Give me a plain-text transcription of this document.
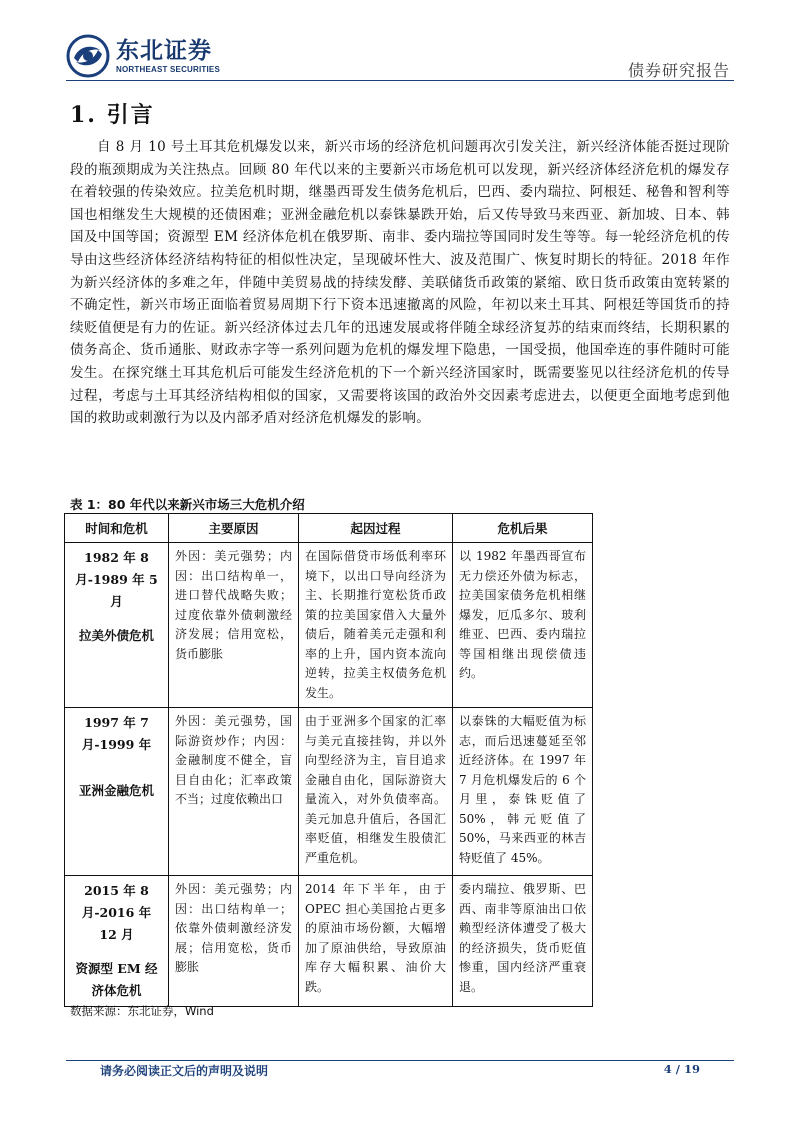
东北证券
NORTHEAST SECURITIES	债券研究报告
1. 引言

自 8 月 10 号土耳其危机爆发以来，新兴市场的经济危机问题再次引发关注，新兴经济体能否挺过现阶段的瓶颈期成为关注热点。回顾 80 年代以来的主要新兴市场危机可以发现，新兴经济体经济危机的爆发存在着较强的传染效应。拉美危机时期，继墨西哥发生债务危机后，巴西、委内瑞拉、阿根廷、秘鲁和智利等国也相继发生大规模的还债困难；亚洲金融危机以泰铢暴跌开始，后又传导致马来西亚、新加坡、日本、韩国及中国等国；资源型 EM 经济体危机在俄罗斯、南非、委内瑞拉等国同时发生等等。每一轮经济危机的传导由这些经济体经济结构特征的相似性决定，呈现破坏性大、波及范围广、恢复时期长的特征。2018 年作为新兴经济体的多难之年，伴随中美贸易战的持续发酵、美联储货币政策的紧缩、欧日货币政策由宽转紧的不确定性，新兴市场正面临着贸易周期下行下资本迅速撤离的风险，年初以来土耳其、阿根廷等国货币的持续贬值便是有力的佐证。新兴经济体过去几年的迅速发展或将伴随全球经济复苏的结束而终结，长期积累的债务高企、货币通胀、财政赤字等一系列问题为危机的爆发埋下隐患，一国受损，他国牵连的事件随时可能发生。在探究继土耳其危机后可能发生经济危机的下一个新兴经济国家时，既需要鉴见以往经济危机的传导过程，考虑与土耳其经济结构相似的国家，又需要将该国的政治外交因素考虑进去，以便更全面地考虑到他国的救助或刺激行为以及内部矛盾对经济危机爆发的影响。

表 1：80 年代以来新兴市场三大危机介绍
时间和危机	主要原因	起因过程	危机后果

1982 年 8 月-1989 年 5 月
拉美外债危机	外因：美元强势；内因：出口结构单一，进口替代战略失败；过度依靠外债刺激经济发展；信用宽松，货币膨胀	在国际借贷市场低利率环境下，以出口导向经济为主、长期推行宽松货币政策的拉美国家借入大量外债后，随着美元走强和利率的上升，国内资本流向逆转，拉美主权债务危机发生。	以 1982 年墨西哥宣布无力偿还外债为标志，拉美国家债务危机相继爆发，厄瓜多尔、玻利维亚、巴西、委内瑞拉等国相继出现偿债违约。

1997 年 7 月-1999 年
亚洲金融危机	外因：美元强势，国际游资炒作；内因：金融制度不健全，盲目自由化；汇率政策不当；过度依赖出口	由于亚洲多个国家的汇率与美元直接挂钩，并以外向型经济为主，盲目追求金融自由化，国际游资大量流入，对外负债率高。美元加息升值后，各国汇率贬值，相继发生股债汇严重危机。	以泰铢的大幅贬值为标志，而后迅速蔓延至邻近经济体。在 1997 年 7 月危机爆发后的 6 个月里，泰铢贬值了 50%，韩元贬值了 50%，马来西亚的林吉特贬值了 45%。

2015 年 8 月-2016 年 12 月
资源型 EM 经济体危机	外因：美元强势；内因：出口结构单一；依靠外债刺激经济发展；信用宽松，货币膨胀	2014 年下半年，由于 OPEC 担心美国抢占更多的原油市场份额，大幅增加了原油供给，导致原油库存大幅积累、油价大跌。	委内瑞拉、俄罗斯、巴西、南非等原油出口依赖型经济体遭受了极大的经济损失，货币贬值惨重，国内经济严重衰退。
数据来源：东北证券，Wind
请务必阅读正文后的声明及说明	4 / 19
